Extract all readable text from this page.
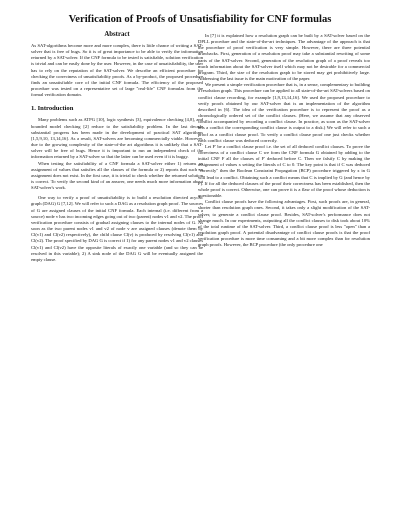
Verification of Proofs of Unsatisfiability for CNF formulas
Abstract

As SAT-algorithms become more and more complex, there is little chance of writing a SAT-solver that is free of bugs. So it is of great importance to be able to verify the information returned by a SAT-solver. If the CNF formula to be tested is satisfiable, solution verification is trivial and can be easily done by the user. However, in the case of unsatisfiability, the user has to rely on the reputation of the SAT-solver. We describe an efficient procedure for checking the correctness of unsatisfiability proofs. As a by-product, the proposed procedure finds an unsatisfiable core of the initial CNF formula. The efficiency of the proposed procedure was tested on a representative set of large "real-life" CNF formulas from the formal verification domain.

1. Introduction

Many problems such as ATPG [10], logic synthesis [3], equivalence checking [4,8], and bounded model checking [2] reduce to the satisfiability problem. In the last decade substantial progress has been made in the development of practical SAT algorithms [1,5,9,10, 13,14,16]. As a result, SAT-solvers are becoming commercially viable. However, due to the growing complexity of the state-of-the art algorithms it is unlikely that a SAT-solver will be free of bugs. Hence it is important to run an independent check of the information returned by a SAT-solver so that the latter can be used even if it is buggy.

When testing the satisfiability of a CNF formula a SAT-solver either 1) returns an assignment of values that satisfies all the clauses of the formula or 2) reports that such an assignment does not exist. In the first case, it is trivial to check whether the returned solution is correct. To verify the second kind of an answer, one needs much more information about SAT-solver's work.

One way to verify a proof of unsatisfiability is to build a resolution directed acyclic graph (DAG) G [7,12]. We will refer to such a DAG as a resolution graph proof. The sources of G are assigned clauses of the initial CNF formula. Each internal (i.e. different from a source) node v has two incoming edges going out of two (parent) nodes v1 and v2. The proof verification procedure consists of gradual assigning clauses to the internal nodes of G. As soon as the two parent nodes v1 and v2 of node v are assigned clauses (denote them by Cl(v1) and Cl(v2) respectively), the child clause Cl(v) is produced by resolving Cl(v1) and Cl(v2). The proof specified by DAG G is correct if 1) for any parent nodes v1 and v2 clauses Cl(v1) and Cl(v2) have the opposite literals of exactly one variable (and so they can be resolved in this variable); 2) A sink node of the DAG G will be eventually assigned the empty clause.

In [7] it is explained how a resolution graph can be built by a SAT-solver based on the DPLL procedure and the state-of-the-art techniques. The advantage of the approach is that the procedure of proof verification is very simple. However, there are three potential drawbacks. First, generation of a resolution proof may take a substantial rewriting of some parts of the SAT-solver. Second, generation of the resolution graph of a proof reveals too much information about the SAT-solver itself which may not be desirable for a commercial program. Third, the size of the resolution graph to be stored may get prohibitively large. Addressing the last issue is the main motivation of the paper.

We present a simple verification procedure that is, in a sense, complementary to building a resolution graph. This procedure can be applied to all state-of-the-art SAT-solvers based on conflict clause recording, for example [1,9,13,14,16]. We used the proposed procedure to verify proofs obtained by our SAT-solver that is an implementation of the algorithm described in [6]. The idea of the verification procedure is to represent the proof as a chronologically ordered set of the conflict clauses. (Here, we assume that any observed conflict accompanied by recording a conflict clause. In practice, as soon as the SAT-solver hits a conflict the corresponding conflict clause is output to a disk.) We will refer to such a proof as a conflict clause proof. To verify a conflict clause proof one just checks whether each conflict clause was deduced correctly.

Let F' be a conflict clause proof i.e. the set of all deduced conflict clauses. To prove the correctness of a conflict clause C we form the CNF formula G obtained by adding to the initial CNF F all the clauses of F' deduced before C. Then we falsify C by making the assignment of values x setting the literals of C to 0. The key point is that if C was deduced "correctly" then the Boolean Constraint Propagation (BCP) procedure triggered by x in G will lead to a conflict. Obtaining such a conflict means that C is implied by G (and hence by F). If for all the deduced clauses of the proof their correctness has been established, then the whole proof is correct. Otherwise, one can prove it is a flaw of the proof whose deduction is questionable.

Conflict clause proofs have the following advantages. First, such proofs are, in general, shorter than resolution graph ones. Second, it takes only a slight modification of the SAT-solver, to generate a conflict clause proof. Besides, SAT-solver's performance does not change much. In our experiments, outputting all the conflict clauses to disk took about 10% of the total runtime of the SAT-solver. Third, a conflict clause proof is less "open" than a resolution graph proof. A potential disadvantage of conflict clause proofs is that the proof verification procedure is more time consuming and a bit more complex than for resolution graph proofs. However, the BCP procedure (the only procedure one
